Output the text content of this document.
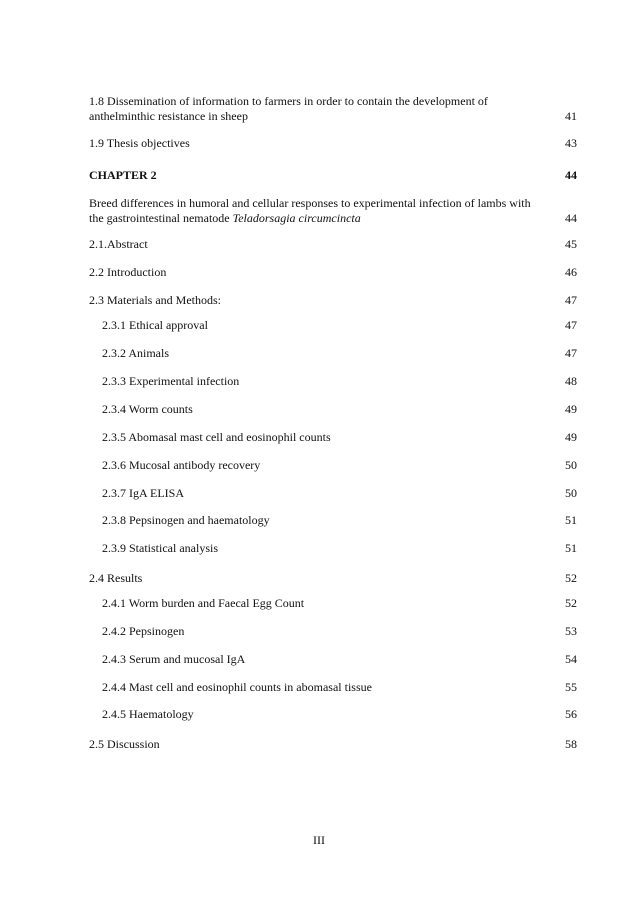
1.8 Dissemination of information to farmers in order to contain the development of
anthelminthic resistance in sheep	41
1.9 Thesis objectives	43
CHAPTER 2	44
Breed differences in humoral and cellular responses to experimental infection of lambs with
the gastrointestinal nematode Teladorsagia circumcincta	44
2.1.Abstract	45
2.2 Introduction	46
2.3 Materials and Methods:	47
2.3.1 Ethical approval	47
2.3.2 Animals	47
2.3.3 Experimental infection	48
2.3.4 Worm counts	49
2.3.5 Abomasal mast cell and eosinophil counts	49
2.3.6 Mucosal antibody recovery	50
2.3.7 IgA ELISA	50
2.3.8 Pepsinogen and haematology	51
2.3.9 Statistical analysis	51
2.4 Results	52
2.4.1 Worm burden and Faecal Egg Count	52
2.4.2 Pepsinogen	53
2.4.3 Serum and mucosal IgA	54
2.4.4 Mast cell and eosinophil counts in abomasal tissue	55
2.4.5 Haematology	56
2.5 Discussion	58
III
